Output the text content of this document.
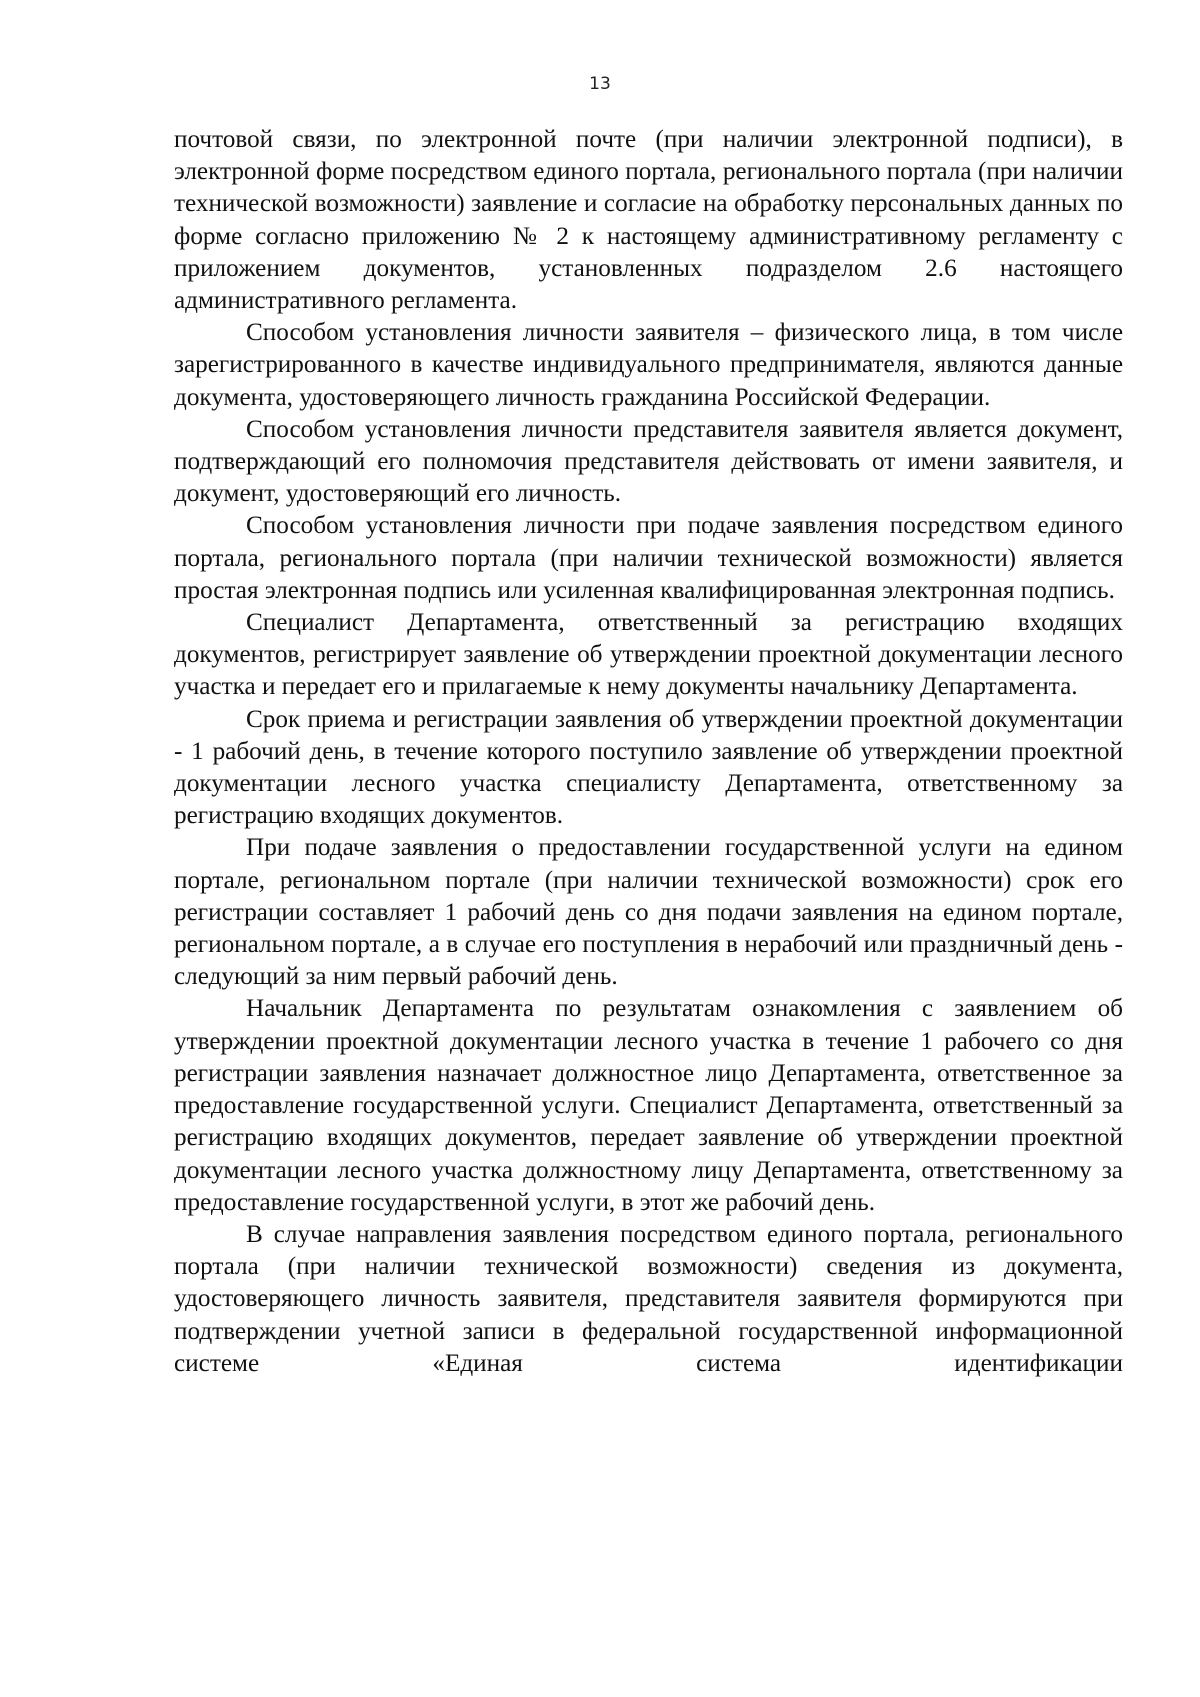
13

почтовой связи, по электронной почте (при наличии электронной подписи), в электронной форме посредством единого портала, регионального портала (при наличии технической возможности) заявление и согласие на обработку персональных данных по форме согласно приложению № 2 к настоящему административному регламенту с приложением документов, установленных подразделом 2.6 настоящего административного регламента.

Способом установления личности заявителя – физического лица, в том числе зарегистрированного в качестве индивидуального предпринимателя, являются данные документа, удостоверяющего личность гражданина Российской Федерации.

Способом установления личности представителя заявителя является документ, подтверждающий его полномочия представителя действовать от имени заявителя, и документ, удостоверяющий его личность.

Способом установления личности при подаче заявления посредством единого портала, регионального портала (при наличии технической возможности) является простая электронная подпись или усиленная квалифицированная электронная подпись.

Специалист Департамента, ответственный за регистрацию входящих документов, регистрирует заявление об утверждении проектной документации лесного участка и передает его и прилагаемые к нему документы начальнику Департамента.

Срок приема и регистрации заявления об утверждении проектной документации - 1 рабочий день, в течение которого поступило заявление об утверждении проектной документации лесного участка специалисту Департамента, ответственному за регистрацию входящих документов.

При подаче заявления о предоставлении государственной услуги на едином портале, региональном портале (при наличии технической возможности) срок его регистрации составляет 1 рабочий день со дня подачи заявления на едином портале, региональном портале, а в случае его поступления в нерабочий или праздничный день - следующий за ним первый рабочий день.

Начальник Департамента по результатам ознакомления с заявлением об утверждении проектной документации лесного участка в течение 1 рабочего со дня регистрации заявления назначает должностное лицо Департамента, ответственное за предоставление государственной услуги. Специалист Департамента, ответственный за регистрацию входящих документов, передает заявление об утверждении проектной документации лесного участка должностному лицу Департамента, ответственному за предоставление государственной услуги, в этот же рабочий день.

В случае направления заявления посредством единого портала, регионального портала (при наличии технической возможности) сведения из документа, удостоверяющего личность заявителя, представителя заявителя формируются при подтверждении учетной записи в федеральной государственной информационной системе «Единая система идентификации
